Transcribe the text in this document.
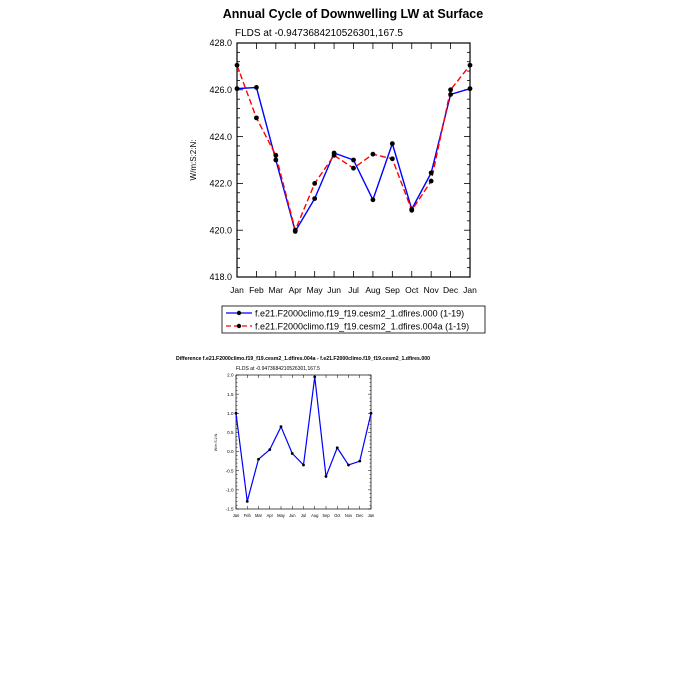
Annual Cycle of Downwelling LW at Surface
FLDS at -0.9473684210526301,167.5
W/m:S:2:N:
418.0
420.0
422.0
424.0
426.0
428.0
Jan Feb Mar Apr May Jun Jul Aug Sep Oct Nov Dec Jan
f.e21.F2000climo.f19_f19.cesm2_1.dfires.000 (1-19)
f.e21.F2000climo.f19_f19.cesm2_1.dfires.004a (1-19)
Difference f.e21.F2000climo.f19_f19.cesm2_1.dfires.004a - f.e21.F2000climo.f19_f19.cesm2_1.dfires.000
FLDS at -0.9473684210526301,167.5
W/m:S:2:N:
-1.5
-1.0
-0.5
0.0
0.5
1.0
1.5
2.0
Jan Feb Mar Apr May Jun Jul Aug Sep Oct Nov Dec Jan
